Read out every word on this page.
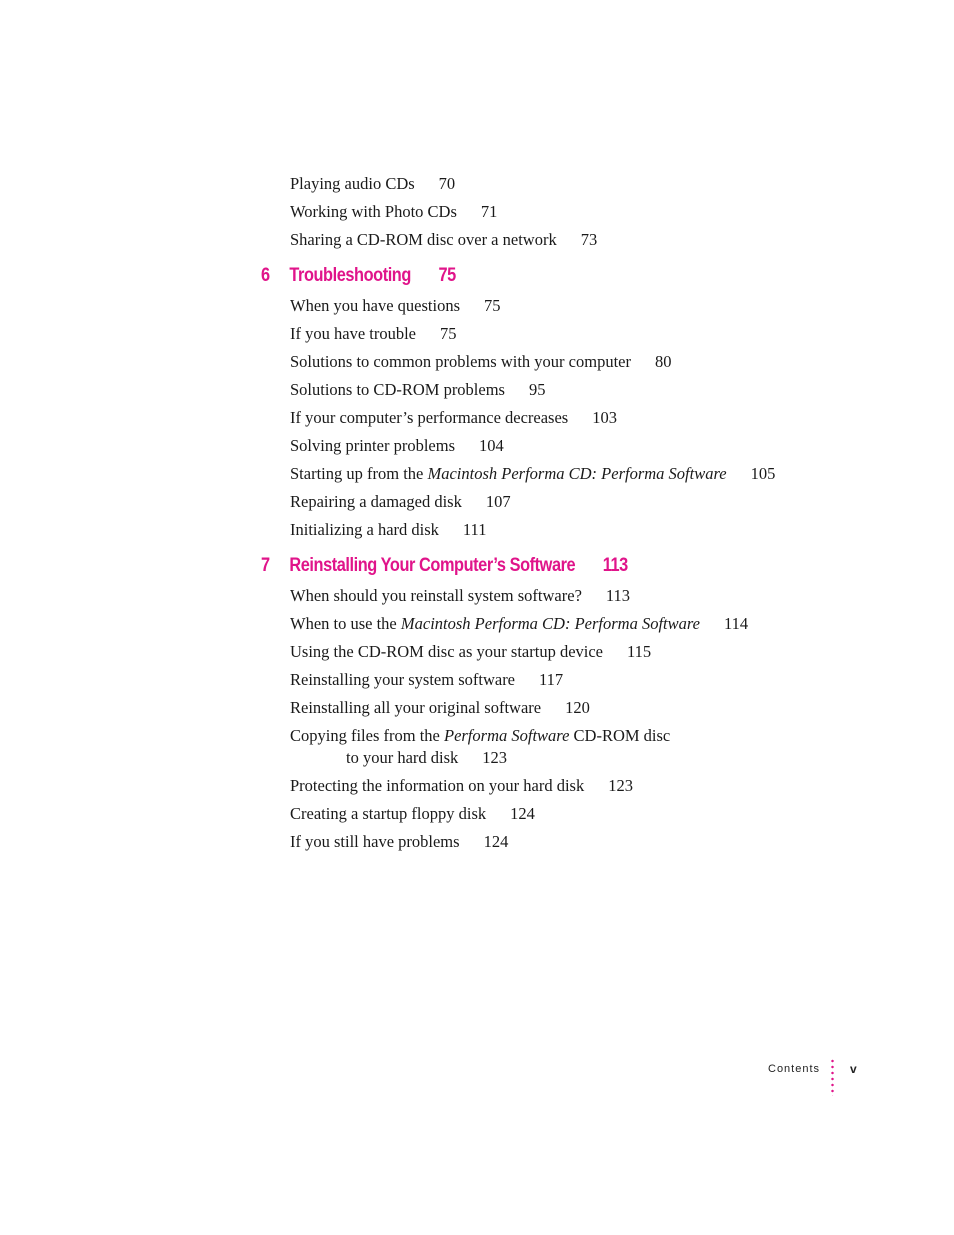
Playing audio CDs 70
Working with Photo CDs 71
Sharing a CD-ROM disc over a network 73
6 Troubleshooting 75
When you have questions 75
If you have trouble 75
Solutions to common problems with your computer 80
Solutions to CD-ROM problems 95
If your computer’s performance decreases 103
Solving printer problems 104
Starting up from the Macintosh Performa CD: Performa Software 105
Repairing a damaged disk 107
Initializing a hard disk 111
7 Reinstalling Your Computer’s Software 113
When should you reinstall system software? 113
When to use the Macintosh Performa CD: Performa Software 114
Using the CD-ROM disc as your startup device 115
Reinstalling your system software 117
Reinstalling all your original software 120
Copying files from the Performa Software CD-ROM disc
to your hard disk 123
Protecting the information on your hard disk 123
Creating a startup floppy disk 124
If you still have problems 124
Contents v
